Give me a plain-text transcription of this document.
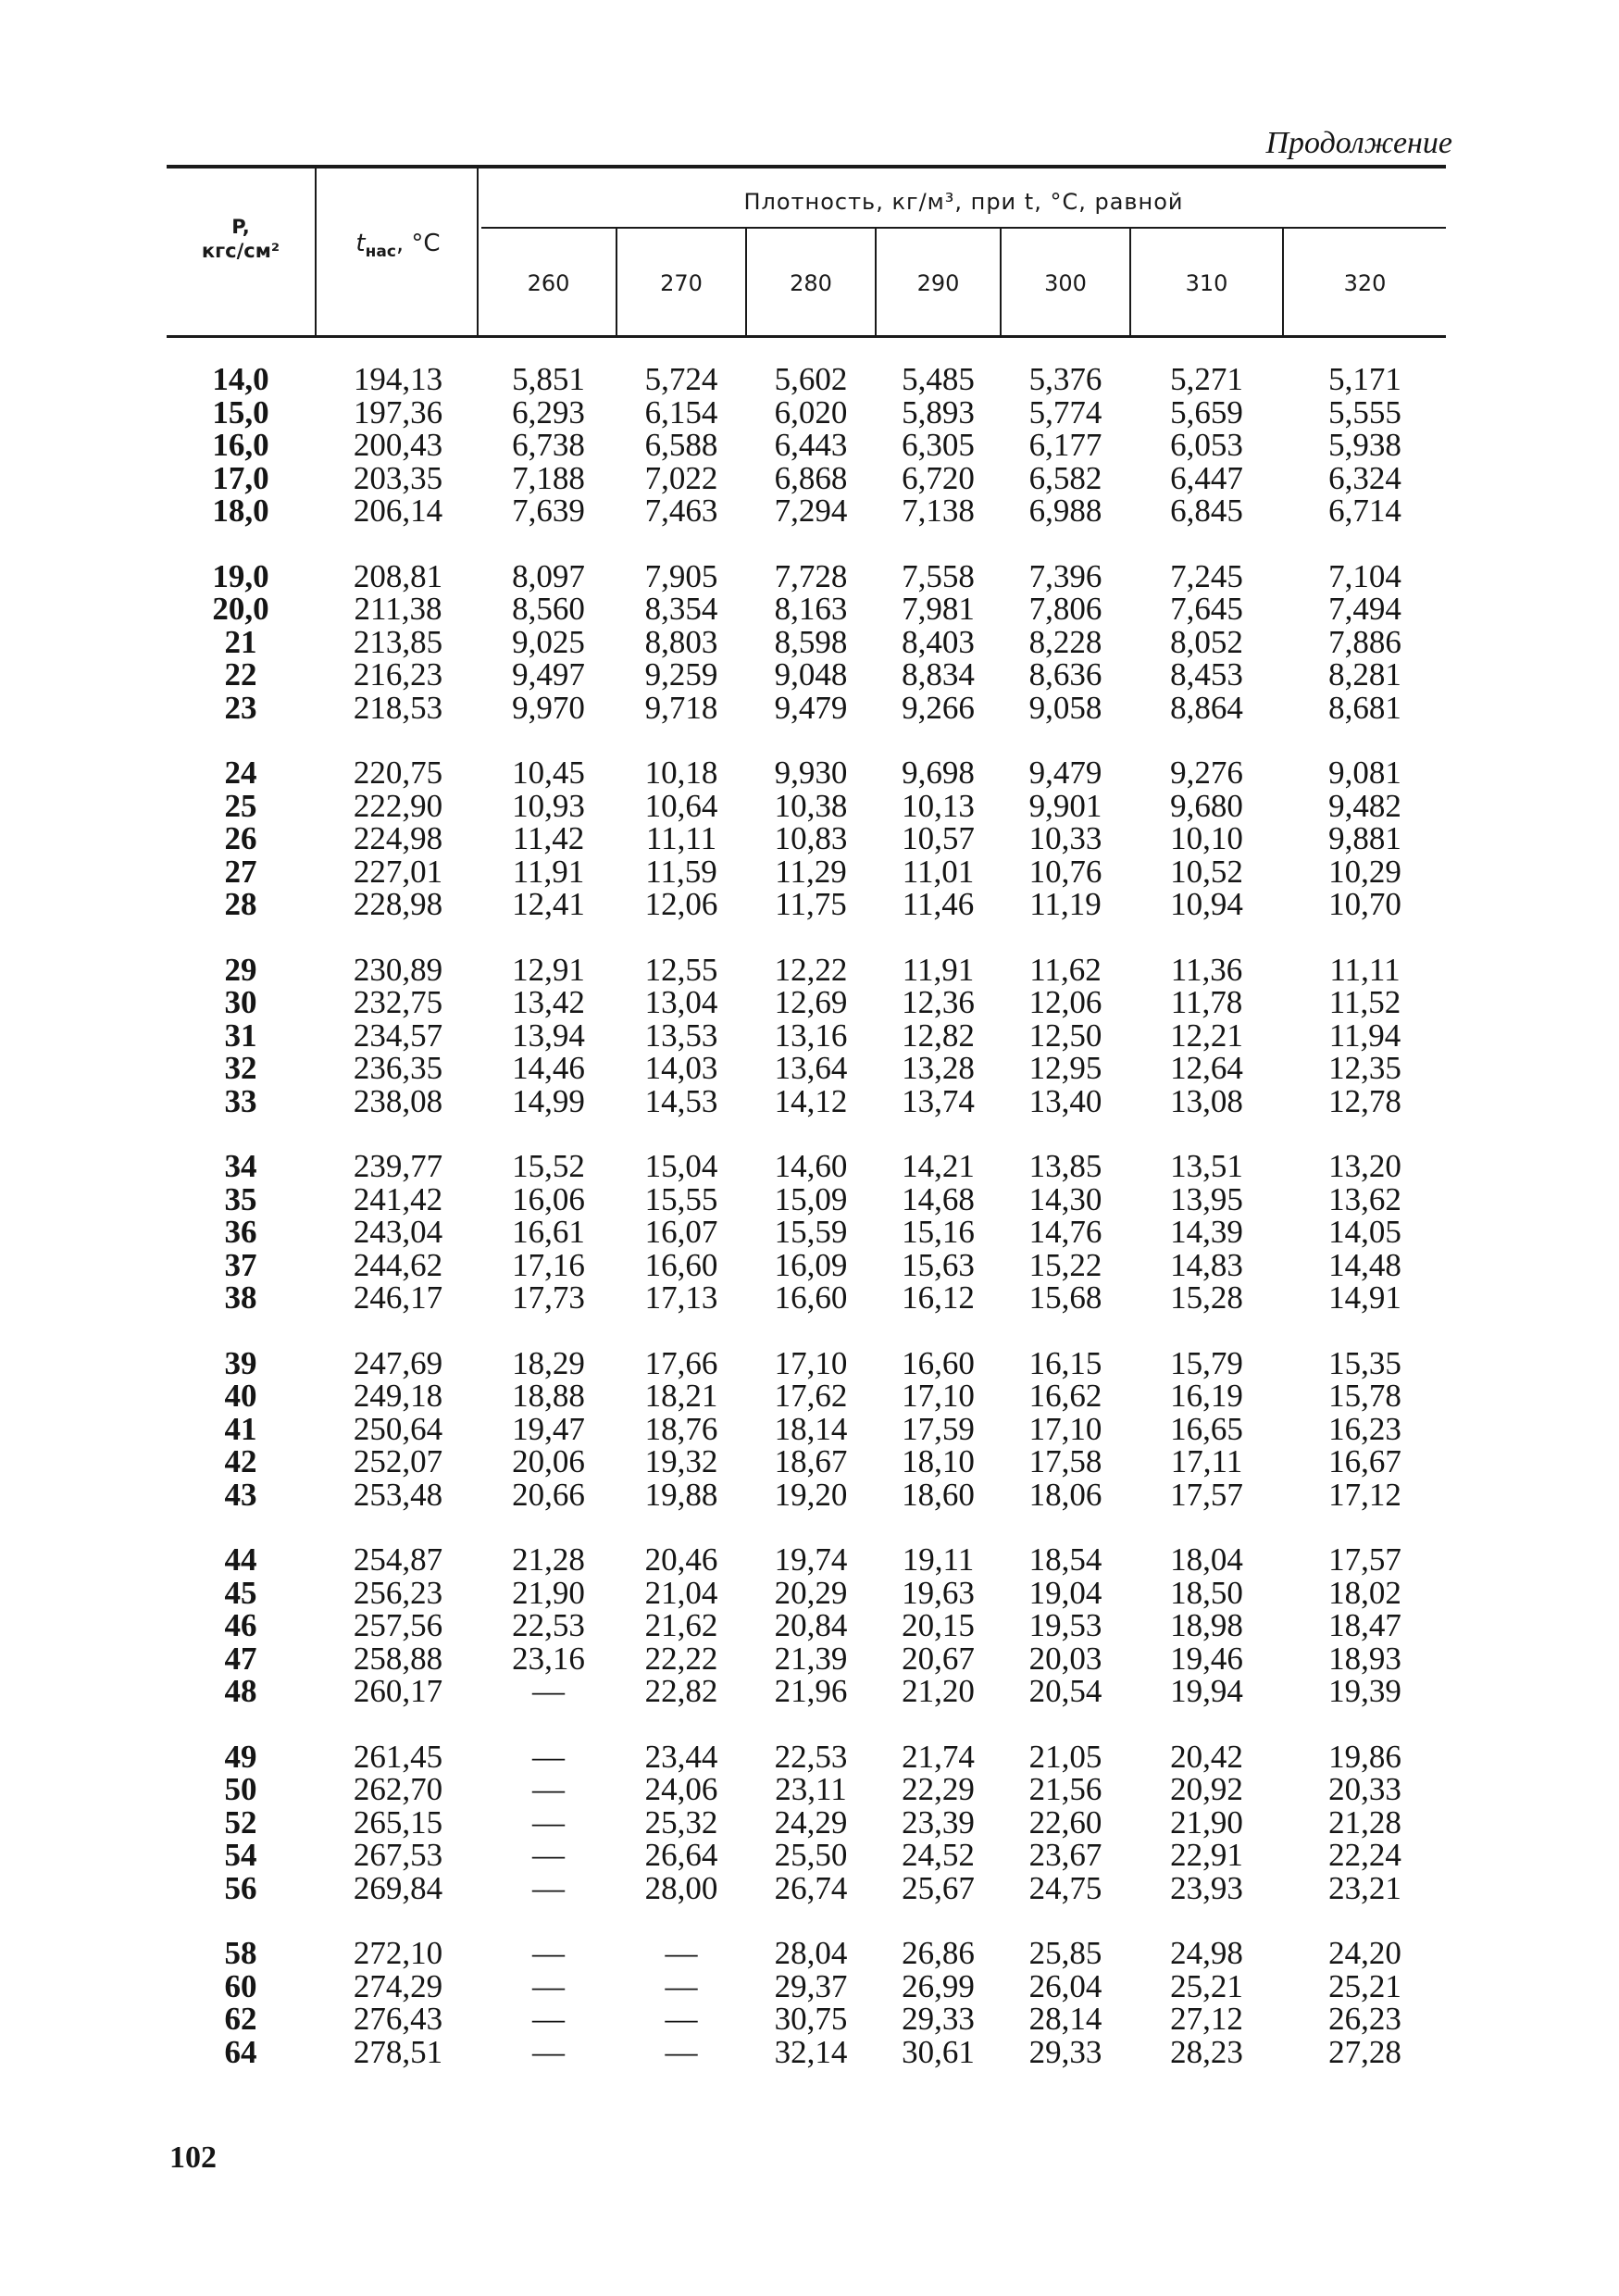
Продолжение
P,
кгс/см²	$t_{нас}$, °С
Плотность, кг/м³, при t, °С, равной
260	270	280	290	300	310	320
14,0	194,13	5,851	5,724	5,602	5,485	5,376	5,271	5,171
15,0	197,36	6,293	6,154	6,020	5,893	5,774	5,659	5,555
16,0	200,43	6,738	6,588	6,443	6,305	6,177	6,053	5,938
17,0	203,35	7,188	7,022	6,868	6,720	6,582	6,447	6,324
18,0	206,14	7,639	7,463	7,294	7,138	6,988	6,845	6,714
19,0	208,81	8,097	7,905	7,728	7,558	7,396	7,245	7,104
20,0	211,38	8,560	8,354	8,163	7,981	7,806	7,645	7,494
21	213,85	9,025	8,803	8,598	8,403	8,228	8,052	7,886
22	216,23	9,497	9,259	9,048	8,834	8,636	8,453	8,281
23	218,53	9,970	9,718	9,479	9,266	9,058	8,864	8,681
24	220,75	10,45	10,18	9,930	9,698	9,479	9,276	9,081
25	222,90	10,93	10,64	10,38	10,13	9,901	9,680	9,482
26	224,98	11,42	11,11	10,83	10,57	10,33	10,10	9,881
27	227,01	11,91	11,59	11,29	11,01	10,76	10,52	10,29
28	228,98	12,41	12,06	11,75	11,46	11,19	10,94	10,70
29	230,89	12,91	12,55	12,22	11,91	11,62	11,36	11,11
30	232,75	13,42	13,04	12,69	12,36	12,06	11,78	11,52
31	234,57	13,94	13,53	13,16	12,82	12,50	12,21	11,94
32	236,35	14,46	14,03	13,64	13,28	12,95	12,64	12,35
33	238,08	14,99	14,53	14,12	13,74	13,40	13,08	12,78
34	239,77	15,52	15,04	14,60	14,21	13,85	13,51	13,20
35	241,42	16,06	15,55	15,09	14,68	14,30	13,95	13,62
36	243,04	16,61	16,07	15,59	15,16	14,76	14,39	14,05
37	244,62	17,16	16,60	16,09	15,63	15,22	14,83	14,48
38	246,17	17,73	17,13	16,60	16,12	15,68	15,28	14,91
39	247,69	18,29	17,66	17,10	16,60	16,15	15,79	15,35
40	249,18	18,88	18,21	17,62	17,10	16,62	16,19	15,78
41	250,64	19,47	18,76	18,14	17,59	17,10	16,65	16,23
42	252,07	20,06	19,32	18,67	18,10	17,58	17,11	16,67
43	253,48	20,66	19,88	19,20	18,60	18,06	17,57	17,12
44	254,87	21,28	20,46	19,74	19,11	18,54	18,04	17,57
45	256,23	21,90	21,04	20,29	19,63	19,04	18,50	18,02
46	257,56	22,53	21,62	20,84	20,15	19,53	18,98	18,47
47	258,88	23,16	22,22	21,39	20,67	20,03	19,46	18,93
48	260,17	—	22,82	21,96	21,20	20,54	19,94	19,39
49	261,45	—	23,44	22,53	21,74	21,05	20,42	19,86
50	262,70	—	24,06	23,11	22,29	21,56	20,92	20,33
52	265,15	—	25,32	24,29	23,39	22,60	21,90	21,28
54	267,53	—	26,64	25,50	24,52	23,67	22,91	22,24
56	269,84	—	28,00	26,74	25,67	24,75	23,93	23,21
58	272,10	—	—	28,04	26,86	25,85	24,98	24,20
60	274,29	—	—	29,37	26,99	26,04	25,21	25,21
62	276,43	—	—	30,75	29,33	28,14	27,12	26,23
64	278,51	—	—	32,14	30,61	29,33	28,23	27,28
102
